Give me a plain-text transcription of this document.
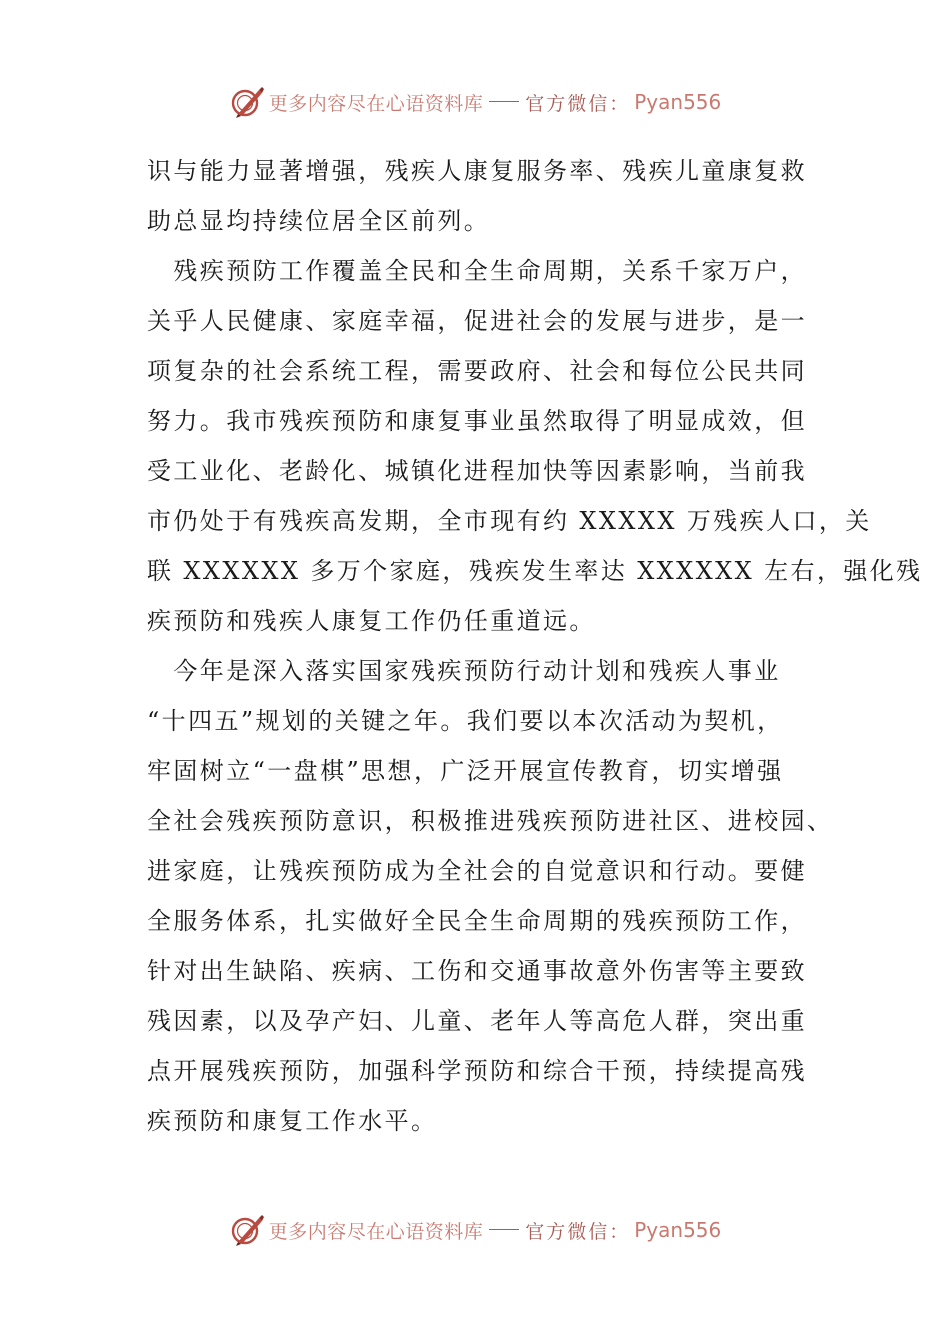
更多内容尽在心语资料库 官方微信： Pyan556
识与能力显著增强，残疾人康复服务率、残疾儿童康复救
助总显均持续位居全区前列。
　残疾预防工作覆盖全民和全生命周期，关系千家万户，
关乎人民健康、家庭幸福，促进社会的发展与进步，是一
项复杂的社会系统工程，需要政府、社会和每位公民共同
努力。我市残疾预防和康复事业虽然取得了明显成效，但
受工业化、老龄化、城镇化进程加快等因素影响，当前我
市仍处于有残疾高发期，全市现有约 XXXXX 万残疾人口，关
联 XXXXXX 多万个家庭，残疾发生率达 XXXXXX 左右，强化残
疾预防和残疾人康复工作仍任重道远。
　今年是深入落实国家残疾预防行动计划和残疾人事业
“十四五”规划的关键之年。我们要以本次活动为契机，
牢固树立“一盘棋”思想，广泛开展宣传教育，切实增强
全社会残疾预防意识，积极推进残疾预防进社区、进校园、
进家庭，让残疾预防成为全社会的自觉意识和行动。要健
全服务体系，扎实做好全民全生命周期的残疾预防工作，
针对出生缺陷、疾病、工伤和交通事故意外伤害等主要致
残因素，以及孕产妇、儿童、老年人等高危人群，突出重
点开展残疾预防，加强科学预防和综合干预，持续提高残
疾预防和康复工作水平。
更多内容尽在心语资料库 官方微信： Pyan556
